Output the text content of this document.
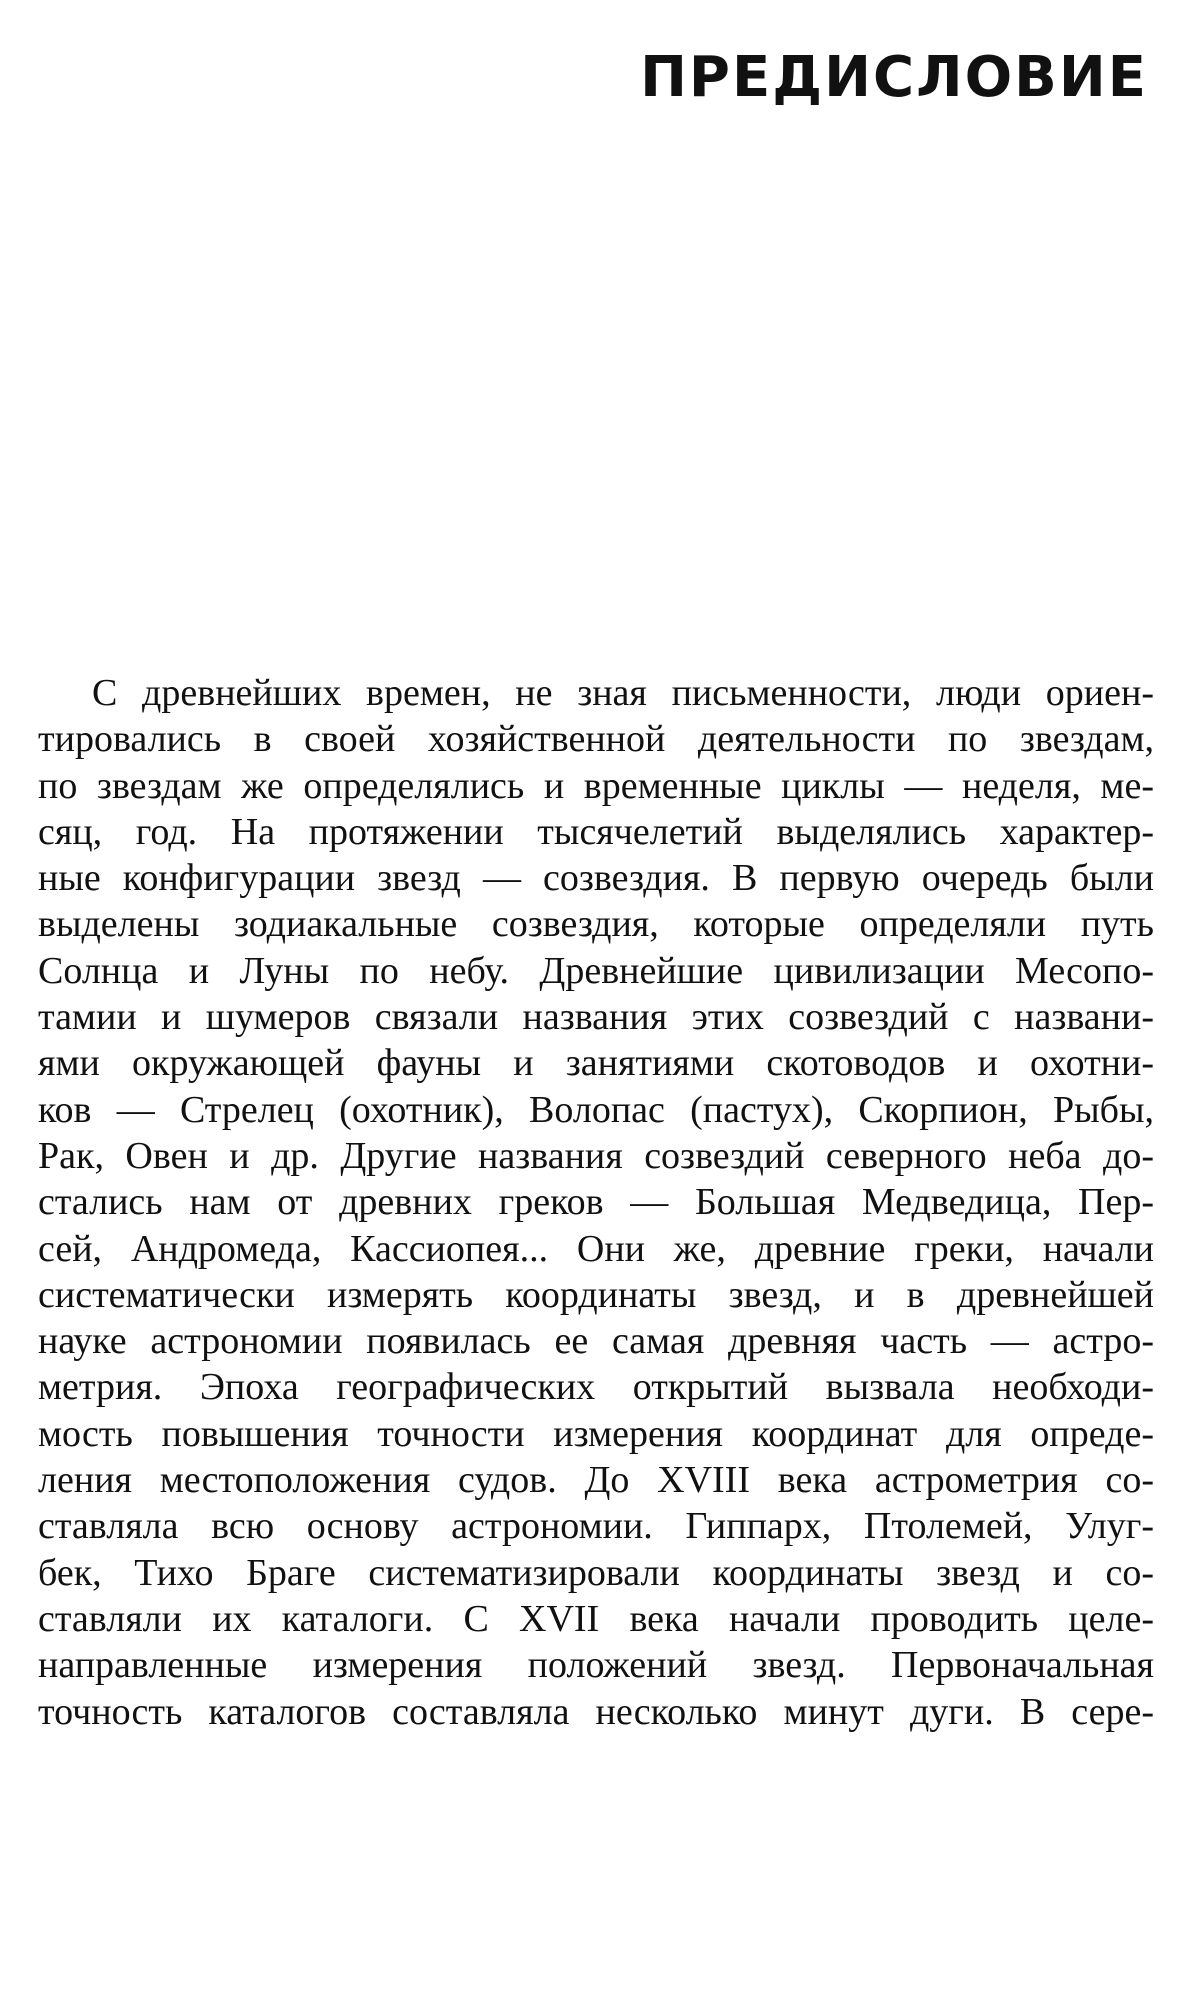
ПРЕДИСЛОВИЕ
С древнейших времен, не зная письменности, люди ориен-
тировались в своей хозяйственной деятельности по звездам,
по звездам же определялись и временные циклы — неделя, ме-
сяц, год. На протяжении тысячелетий выделялись характер-
ные конфигурации звезд — созвездия. В первую очередь были
выделены зодиакальные созвездия, которые определяли путь
Солнца и Луны по небу. Древнейшие цивилизации Месопо-
тамии и шумеров связали названия этих созвездий с названи-
ями окружающей фауны и занятиями скотоводов и охотни-
ков — Стрелец (охотник), Волопас (пастух), Скорпион, Рыбы,
Рак, Овен и др. Другие названия созвездий северного неба до-
стались нам от древних греков — Большая Медведица, Пер-
сей, Андромеда, Кассиопея... Они же, древние греки, начали
систематически измерять координаты звезд, и в древнейшей
науке астрономии появилась ее самая древняя часть — астро-
метрия. Эпоха географических открытий вызвала необходи-
мость повышения точности измерения координат для опреде-
ления местоположения судов. До XVIII века астрометрия со-
ставляла всю основу астрономии. Гиппарх, Птолемей, Улуг-
бек, Тихо Браге систематизировали координаты звезд и со-
ставляли их каталоги. С XVII века начали проводить целе-
направленные измерения положений звезд. Первоначальная
точность каталогов составляла несколько минут дуги. В сере-
